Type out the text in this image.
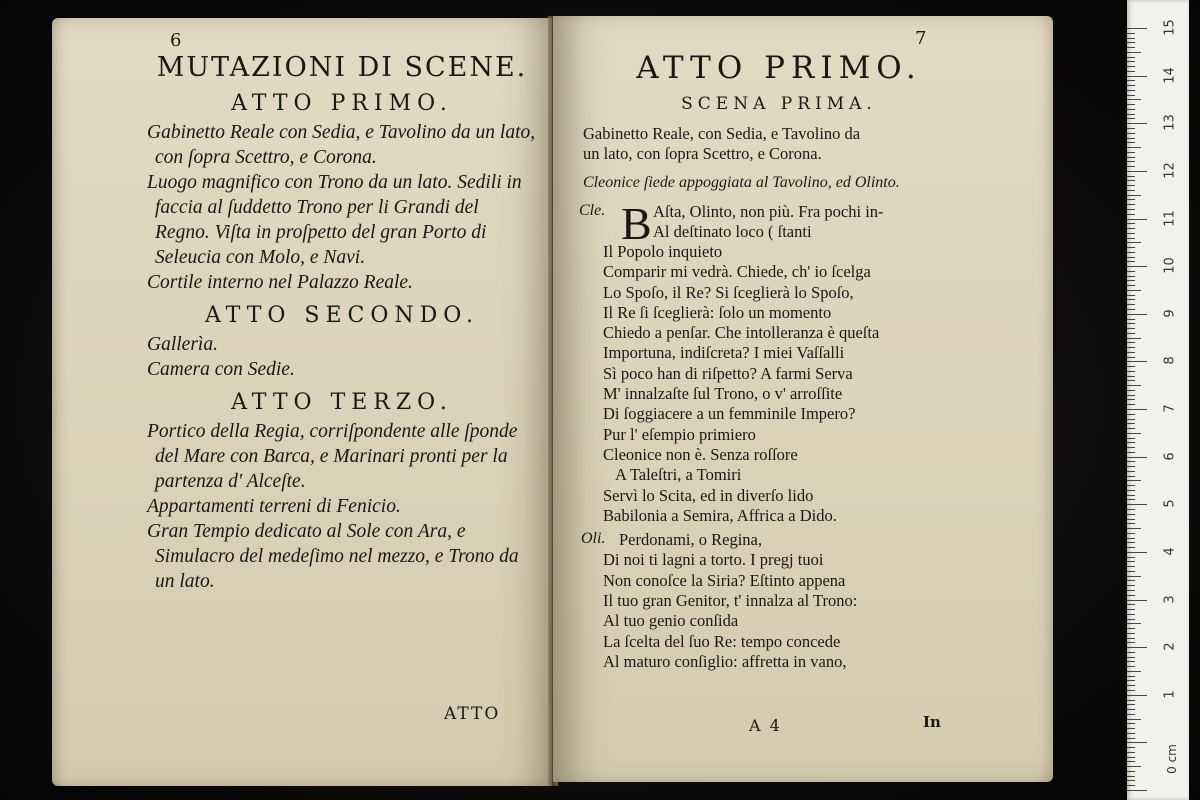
6
MUTAZIONI DI SCENE.
ATTO PRIMO.
Gabinetto Reale con Sedia, e Tavolino da un lato, con ſopra Scettro, e Corona.
Luogo magnifico con Trono da un lato. Sedili in faccia al ſuddetto Trono per li Grandi del Regno. Viſta in proſpetto del gran Porto di Seleucia con Molo, e Navi.
Cortile interno nel Palazzo Reale.
ATTO SECONDO.
Gallerìa.
Camera con Sedie.
ATTO TERZO.
Portico della Regia, corriſpondente alle ſponde del Mare con Barca, e Marinari pronti per la partenza d' Alceſte.
Appartamenti terreni di Fenicio.
Gran Tempio dedicato al Sole con Ara, e Simulacro del medeſimo nel mezzo, e Trono da un lato.
ATTO
7
ATTO PRIMO.
SCENA PRIMA.
Gabinetto Reale, con Sedia, e Tavolino da
un lato, con ſopra Scettro, e Corona.
Cleonice ſiede appoggiata al Tavolino, ed Olinto.
Cle. B Aſta, Olinto, non più. Fra pochi in-
Al deſtinato loco ( ſtanti
Il Popolo inquieto
Comparir mi vedrà. Chiede, ch' io ſcelga
Lo Spoſo, il Re? Si ſceglierà lo Spoſo,
Il Re ſi ſceglierà: ſolo un momento
Chiedo a penſar. Che intolleranza è queſta
Importuna, indiſcreta? I miei Vaſſalli
Sì poco han di riſpetto? A farmi Serva
M' innalzaſte ſul Trono, o v' arroſſite
Di ſoggiacere a un femminile Impero?
Pur l' eſempio primiero
Cleonice non è. Senza roſſore
A Taleſtri, a Tomiri
Servì lo Scita, ed in diverſo lido
Babilonia a Semira, Affrica a Dido.
Oli. Perdonami, o Regina,
Di noi ti lagni a torto. I pregj tuoi
Non conoſce la Siria? Eſtinto appena
Il tuo gran Genitor, t' innalza al Trono:
Al tuo genio conſida
La ſcelta del ſuo Re: tempo concede
Al maturo conſiglio: affretta in vano,
A 4	In
15
14
13
12
11
10
9
8
7
6
5
4
3
2
1
0 cm
